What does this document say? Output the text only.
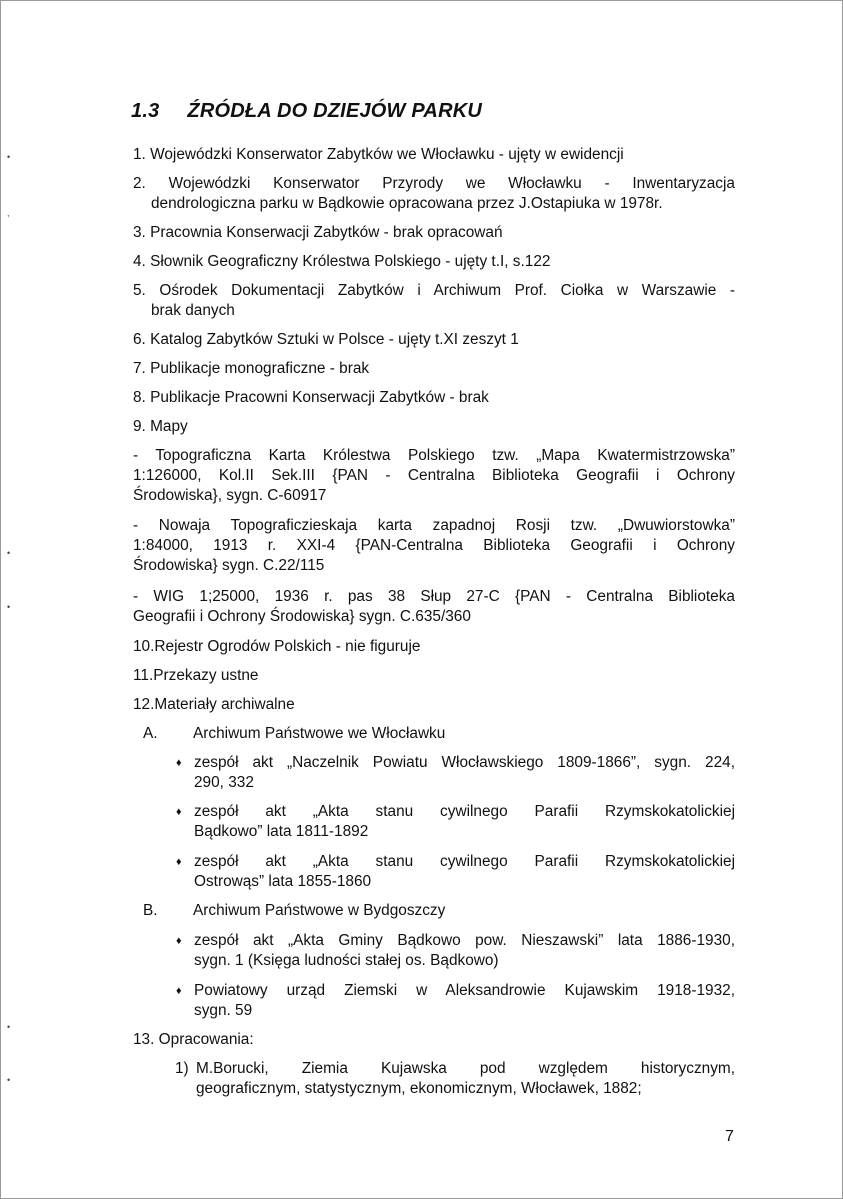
•
,
•
•
•
•
1.3 ŹRÓDŁA DO DZIEJÓW PARKU
1. Wojewódzki Konserwator Zabytków we Włocławku - ujęty w ewidencji
2. Wojewódzki Konserwator Przyrody we Włocławku - Inwentaryzacja
dendrologiczna parku w Bądkowie opracowana przez J.Ostapiuka w 1978r.
3. Pracownia Konserwacji Zabytków - brak opracowań
4. Słownik Geograficzny Królestwa Polskiego - ujęty t.I, s.122
5. Ośrodek Dokumentacji Zabytków i Archiwum Prof. Ciołka w Warszawie -
brak danych
6. Katalog Zabytków Sztuki w Polsce - ujęty t.XI zeszyt 1
7. Publikacje monograficzne - brak
8. Publikacje Pracowni Konserwacji Zabytków - brak
9. Mapy
- Topograficzna Karta Królestwa Polskiego tzw. „Mapa Kwatermistrzowska”
1:126000, Kol.II Sek.III {PAN - Centralna Biblioteka Geografii i Ochrony
Środowiska}, sygn. C-60917
- Nowaja Topograficzieskaja karta zapadnoj Rosji tzw. „Dwuwiorstowka”
1:84000, 1913 r. XXI-4 {PAN-Centralna Biblioteka Geografii i Ochrony
Środowiska} sygn. C.22/115
- WIG 1;25000, 1936 r. pas 38 Słup 27-C {PAN - Centralna Biblioteka
Geografii i Ochrony Środowiska} sygn. C.635/360
10.Rejestr Ogrodów Polskich - nie figuruje
11.Przekazy ustne
12.Materiały archiwalne
A. Archiwum Państwowe we Włocławku
♦ zespół akt „Naczelnik Powiatu Włocławskiego 1809-1866”, sygn. 224,
290, 332
♦ zespół akt „Akta stanu cywilnego Parafii Rzymskokatolickiej
Bądkowo” lata 1811-1892
♦ zespół akt „Akta stanu cywilnego Parafii Rzymskokatolickiej
Ostrowąs” lata 1855-1860
B. Archiwum Państwowe w Bydgoszczy
♦ zespół akt „Akta Gminy Bądkowo pow. Nieszawski” lata 1886-1930,
sygn. 1 (Księga ludności stałej os. Bądkowo)
♦ Powiatowy urząd Ziemski w Aleksandrowie Kujawskim 1918-1932,
sygn. 59
13. Opracowania:
1) M.Borucki, Ziemia Kujawska pod względem historycznym,
geograficznym, statystycznym, ekonomicznym, Włocławek, 1882;
7
